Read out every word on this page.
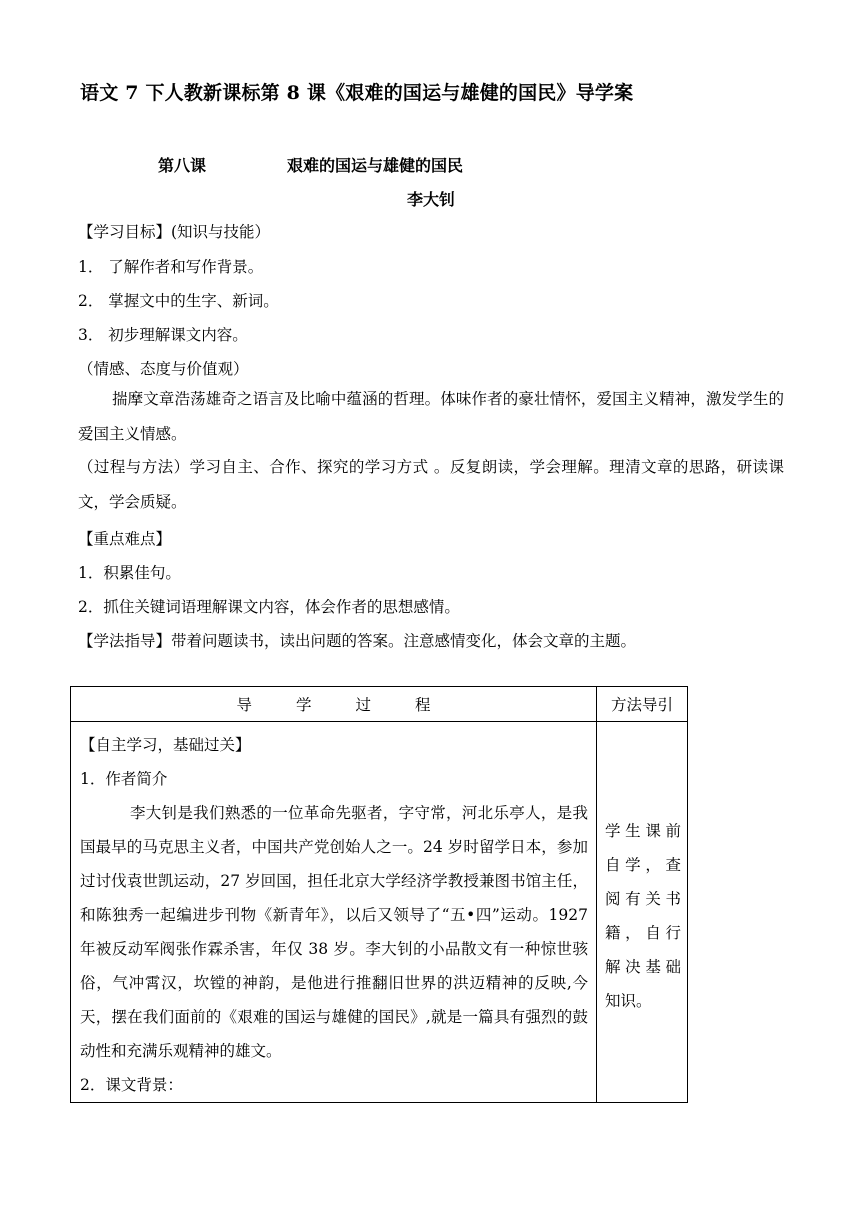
语文 7 下人教新课标第 8 课《艰难的国运与雄健的国民》导学案
第八课	艰难的国运与雄健的国民
李大钊
【学习目标】(知识与技能）
1． 了解作者和写作背景。
2． 掌握文中的生字、新词。
3． 初步理解课文内容。
（情感、态度与价值观）
揣摩文章浩荡雄奇之语言及比喻中蕴涵的哲理。体味作者的豪壮情怀，爱国主义精神，激发学生的爱国主义情感。
（过程与方法）学习自主、合作、探究的学习方式 。反复朗读，学会理解。理清文章的思路，研读课文，学会质疑。
【重点难点】
1．积累佳句。
2．抓住关键词语理解课文内容，体会作者的思想感情。
【学法指导】带着问题读书，读出问题的答案。注意感情变化，体会文章的主题。
导 学 过 程	方法导引

【自主学习，基础过关】

1．作者简介

李大钊是我们熟悉的一位革命先驱者，字守常，河北乐亭人，是我国最早的马克思主义者，中国共产党创始人之一。24 岁时留学日本，参加过讨伐袁世凯运动，27 岁回国，担任北京大学经济学教授兼图书馆主任，和陈独秀一起编进步刊物《新青年》，以后又领导了“五•四”运动。1927 年被反动军阀张作霖杀害，年仅 38 岁。李大钊的小品散文有一种惊世骇俗，气冲霄汉，坎镗的神韵，是他进行推翻旧世界的洪迈精神的反映,今天，摆在我们面前的《艰难的国运与雄健的国民》,就是一篇具有强烈的鼓动性和充满乐观精神的雄文。

2．课文背景：	学生课前自学，查阅有关书籍，自行解决基础知识。
